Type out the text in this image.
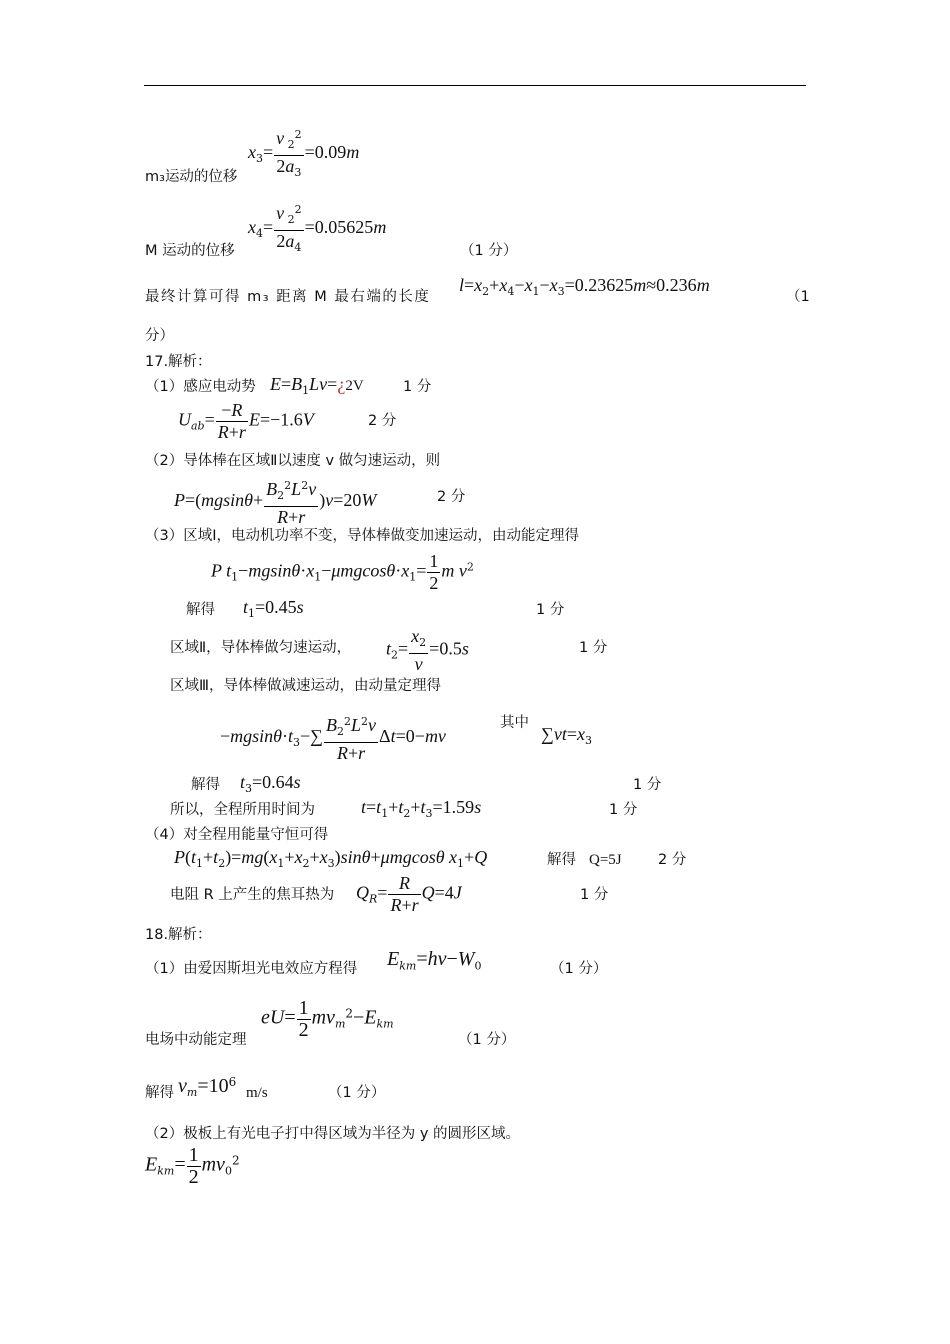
m₃运动的位移
$x_3= \frac{v _2^2}{2a_3} =0.09m$
M 运动的位移
$x_4= \frac{v _2^2}{2a_4} =0.05625m$
（1 分）
最终计算可得 m₃ 距离 M 最右端的长度
$l=x_2+x_4-x_1-x_3=0.23625m\approx 0.236m$
（1
分）
17.解析：
（1）感应电动势 $E=B_1Lv=¿2V$	1 分
$U_{ab}= \frac{-R}{R+r} E=-1.6V$	2 分
（2）导体棒在区域Ⅱ以速度 v 做匀速运动，则
$P=(mgsin\theta+ \frac{B_2^2L^2v}{R+r} )v=20W$	2 分
（3）区域Ⅰ，电动机功率不变，导体棒做变加速运动，由动能定理得
P $t_1-mgsin\theta\cdot x_1-\mu mgcos\theta\cdot x_1= \frac{1}{2}$ m $v^2$
解得 $t_1=0.45s$	1 分
区域Ⅱ，导体棒做匀速运动， $t_2= \frac{x_2}{v} =0.5s$	1 分
区域Ⅲ，导体棒做减速运动，由动量定理得
$-mgsin\theta\cdot t_3-\sum \frac{B_2^2L^2v}{R+r} \Delta t=0-mv$
其中
$\sum vt=x_3$
解得 $t_3=0.64s$	1 分
所以，全程所用时间为	$t=t_1+t_2+t_3=1.59s$	1 分
（4）对全程用能量守恒可得
$P(t_1+t_2)=mg(x_1+x_2+x_3)\sin\theta+\mu mgcos\theta$ $x_1+Q$	解得 Q=5J	2 分
电阻 R 上产生的焦耳热为 $Q_R= \frac{R}{R+r} Q=4J$	1 分
18.解析：
（1）由爱因斯坦光电效应方程得 $E_{km}=h\nu-W_0$	（1 分）
电场中动能定理
$eU= \frac{1}{2} mv_m^2-E_{km}$
（1 分）
解得 $v_m=10^6$
m/s	（1 分）
（2）极板上有光电子打中得区域为半径为 y 的圆形区域。
$E_{km}= \frac{1}{2} mv_0^2$
